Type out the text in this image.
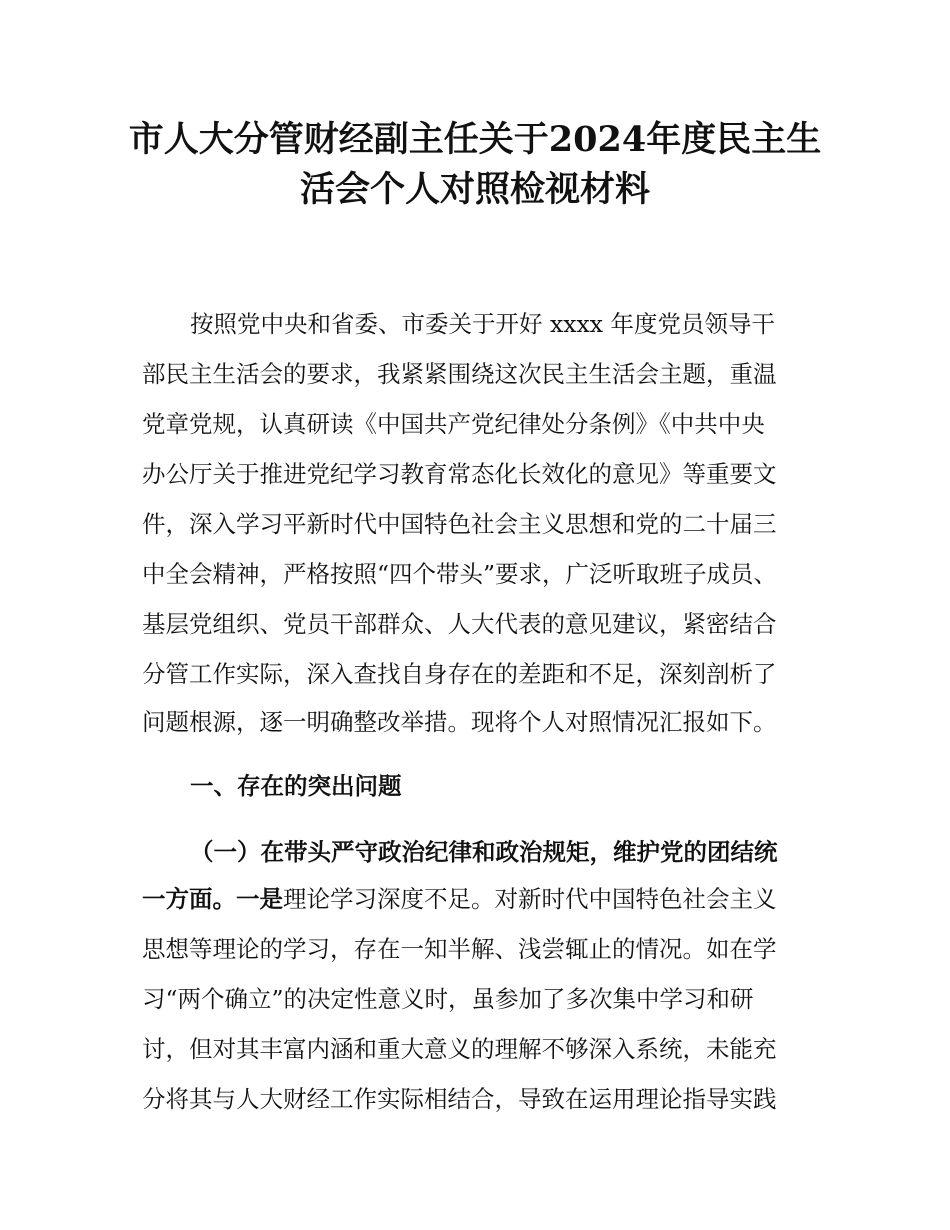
市人大分管财经副主任关于2024年度民主生
活会个人对照检视材料
按照党中央和省委、市委关于开好 xxxx 年度党员领导干
部民主生活会的要求，我紧紧围绕这次民主生活会主题，重温
党章党规，认真研读《中国共产党纪律处分条例》《中共中央
办公厅关于推进党纪学习教育常态化长效化的意见》等重要文
件，深入学习平新时代中国特色社会主义思想和党的二十届三
中全会精神，严格按照“四个带头”要求，广泛听取班子成员、
基层党组织、党员干部群众、人大代表的意见建议，紧密结合
分管工作实际，深入查找自身存在的差距和不足，深刻剖析了
问题根源，逐一明确整改举措。现将个人对照情况汇报如下。
一、存在的突出问题
（一）在带头严守政治纪律和政治规矩，维护党的团结统
一方面。一是理论学习深度不足。对新时代中国特色社会主义
思想等理论的学习，存在一知半解、浅尝辄止的情况。如在学
习“两个确立”的决定性意义时，虽参加了多次集中学习和研
讨，但对其丰富内涵和重大意义的理解不够深入系统，未能充
分将其与人大财经工作实际相结合，导致在运用理论指导实践
